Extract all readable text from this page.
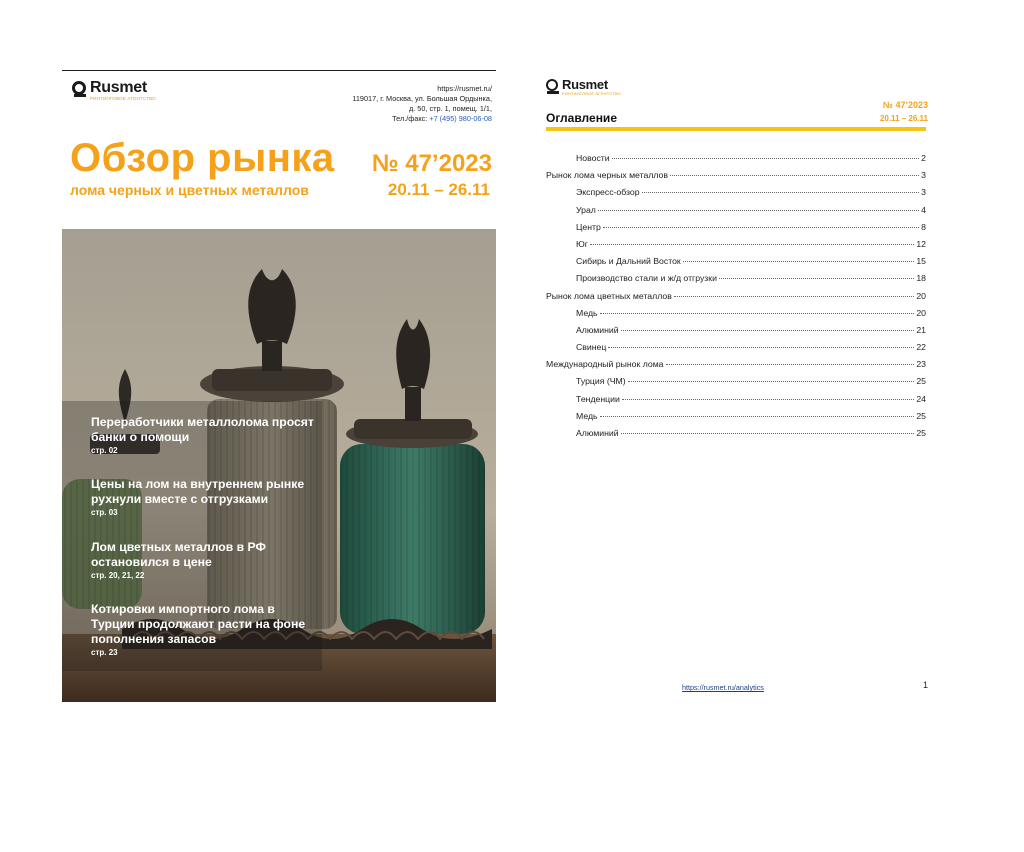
Rusmet
РИНТИНГОВОЕ АГЕНТСТВО
https://rusmet.ru/
119017, г. Москва, ул. Большая Ордынка,
д. 50, стр. 1, помещ. 1/1,
Тел./факс: +7 (495) 980-06-08
Обзор рынка
лома черных и цветных металлов
№ 47’2023
20.11 – 26.11
Переработчики металлолома просят банки о помощи
стр. 02
Цены на лом на внутреннем рынке рухнули вместе с отгрузками
стр. 03
Лом цветных металлов в РФ остановился в цене
стр. 20, 21, 22
Котировки импортного лома в Турции продолжают расти на фоне пополнения запасов
стр. 23
Rusmet
РИНТИНГОВОЕ АГЕНТСТВО
№ 47’2023
Оглавление	20.11 – 26.11
Новости	2
Рынок лома черных металлов	3
Экспресс-обзор	3
Урал	4
Центр	8
Юг	12
Сибирь и Дальний Восток	15
Производство стали и ж/д отгрузки	18
Рынок лома цветных металлов	20
Медь	20
Алюминий	21
Свинец	22
Международный рынок лома	23
Турция (ЧМ)	25
Тенденции	24
Медь	25
Алюминий	25
https://rusmet.ru/analytics	1
